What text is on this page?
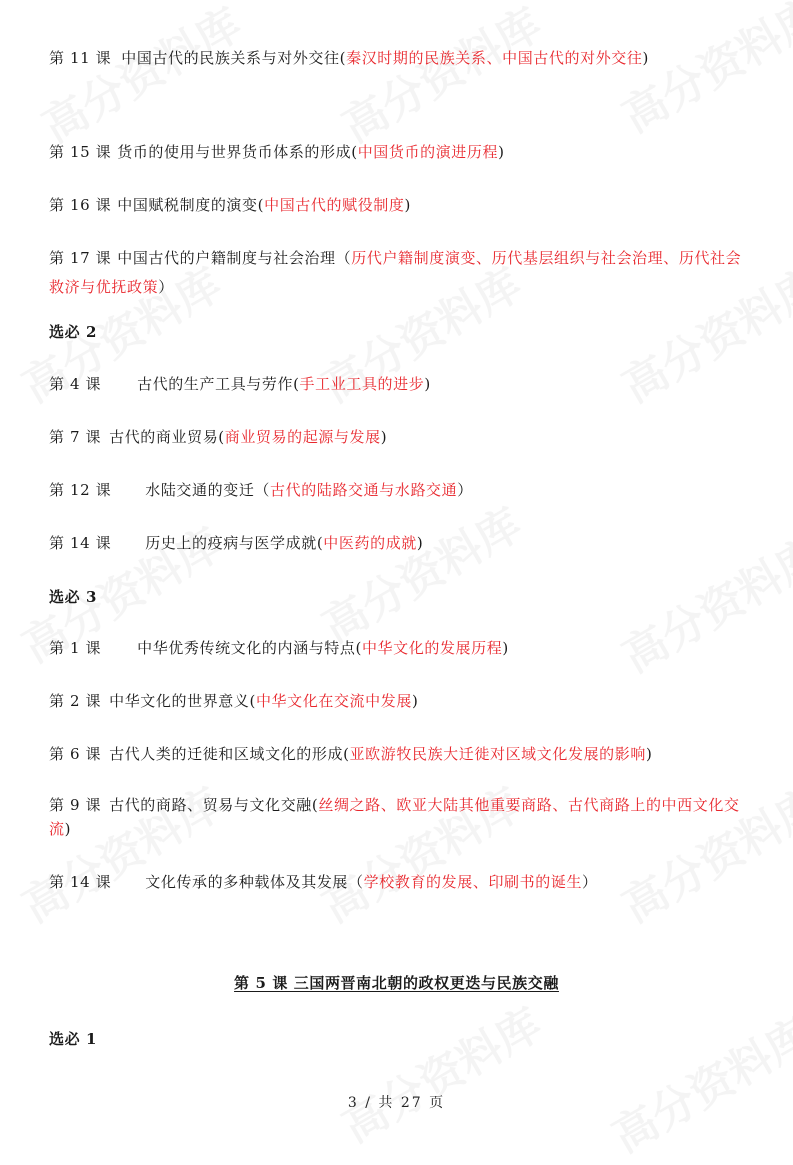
第 11 课 中国古代的民族关系与对外交往(秦汉时期的民族关系、中国古代的对外交往)
第 15 课 货币的使用与世界货币体系的形成(中国货币的演进历程)
第 16 课 中国赋税制度的演变(中国古代的赋役制度)
第 17 课 中国古代的户籍制度与社会治理（历代户籍制度演变、历代基层组织与社会治理、历代社会救济与优抚政策）
选必 2
第 4 课 古代的生产工具与劳作(手工业工具的进步)
第 7 课 古代的商业贸易(商业贸易的起源与发展)
第 12 课 水陆交通的变迁（古代的陆路交通与水路交通）
第 14 课 历史上的疫病与医学成就(中医药的成就)
选必 3
第 1 课 中华优秀传统文化的内涵与特点(中华文化的发展历程)
第 2 课 中华文化的世界意义(中华文化在交流中发展)
第 6 课 古代人类的迁徙和区域文化的形成(亚欧游牧民族大迁徙对区域文化发展的影响)
第 9 课 古代的商路、贸易与文化交融(丝绸之路、欧亚大陆其他重要商路、古代商路上的中西文化交流)
第 14 课 文化传承的多种载体及其发展（学校教育的发展、印刷书的诞生）
第 5 课 三国两晋南北朝的政权更迭与民族交融
选必 1
3 / 共 27 页
